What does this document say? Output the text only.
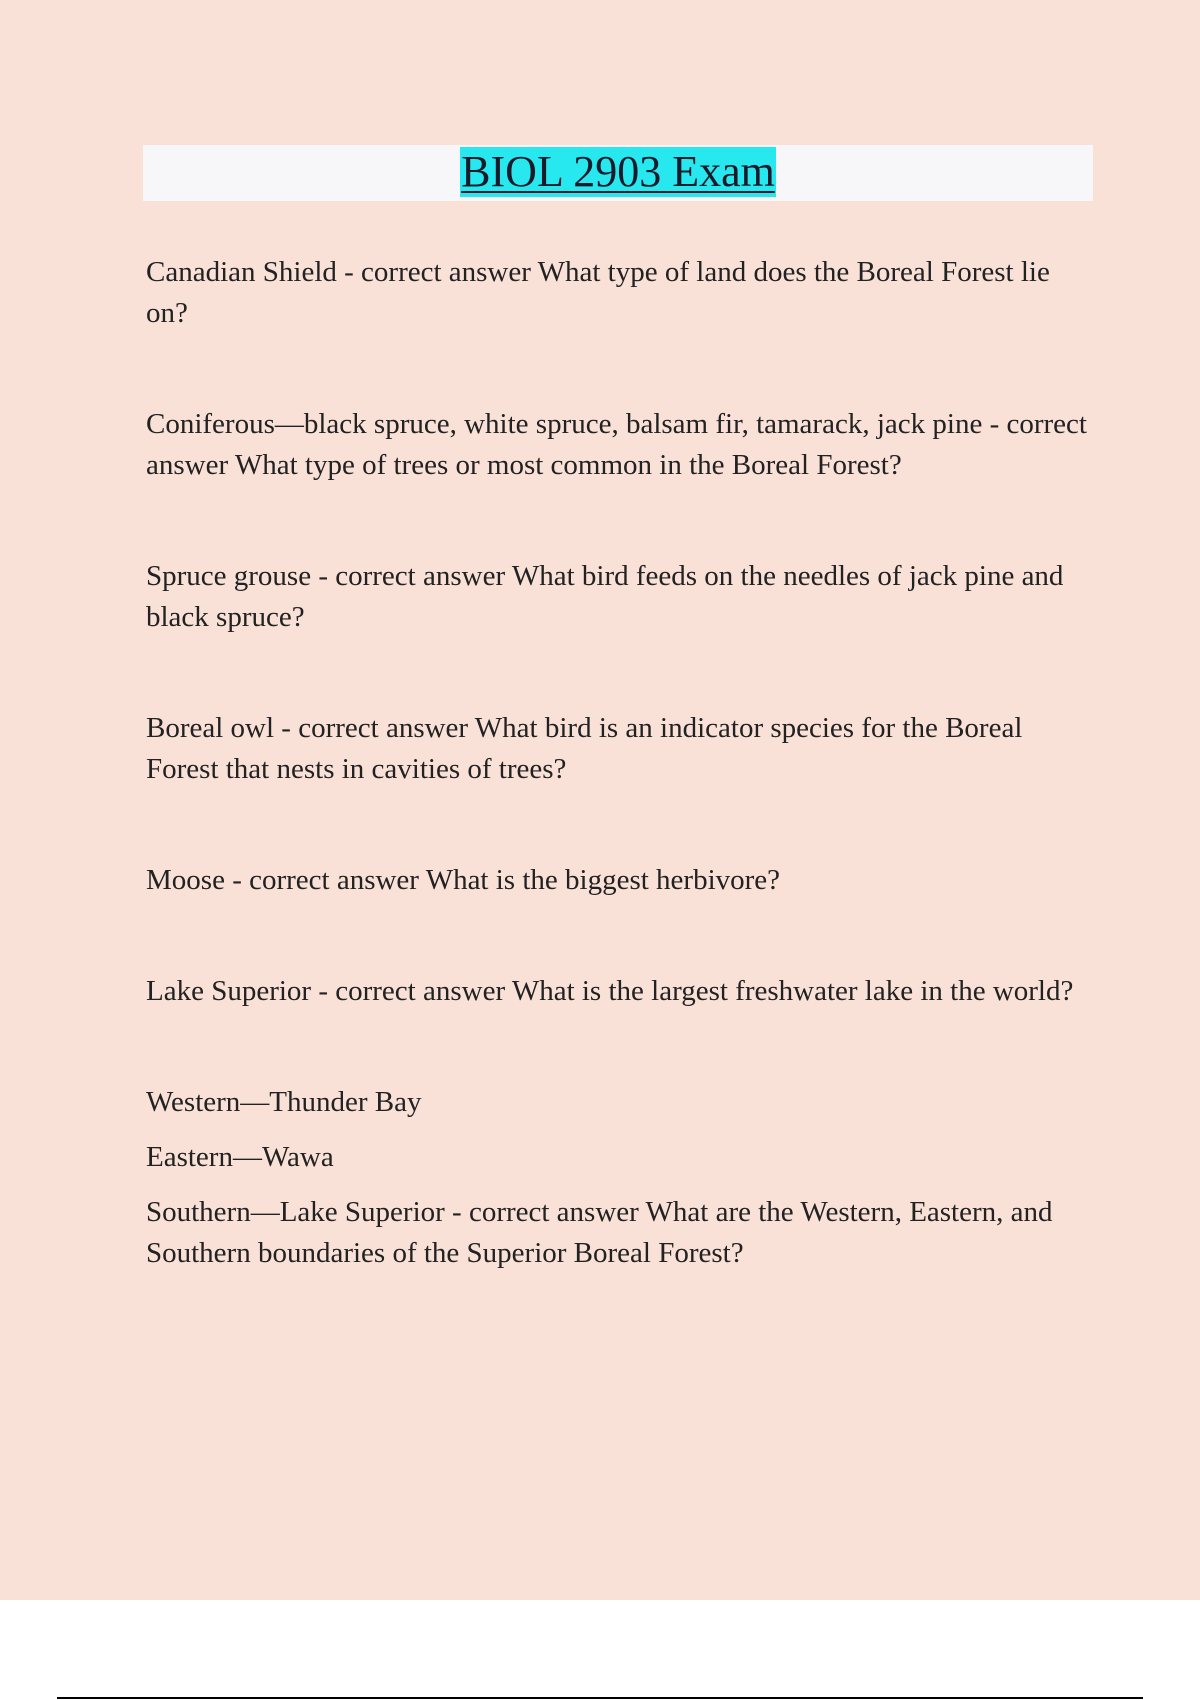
BIOL 2903 Exam

Canadian Shield - correct answer What type of land does the Boreal Forest lie on?

Coniferous—black spruce, white spruce, balsam fir, tamarack, jack pine - correct answer What type of trees or most common in the Boreal Forest?

Spruce grouse - correct answer What bird feeds on the needles of jack pine and black spruce?

Boreal owl - correct answer What bird is an indicator species for the Boreal Forest that nests in cavities of trees?

Moose - correct answer What is the biggest herbivore?

Lake Superior - correct answer What is the largest freshwater lake in the world?

Western—Thunder Bay

Eastern—Wawa

Southern—Lake Superior - correct answer What are the Western, Eastern, and Southern boundaries of the Superior Boreal Forest?
